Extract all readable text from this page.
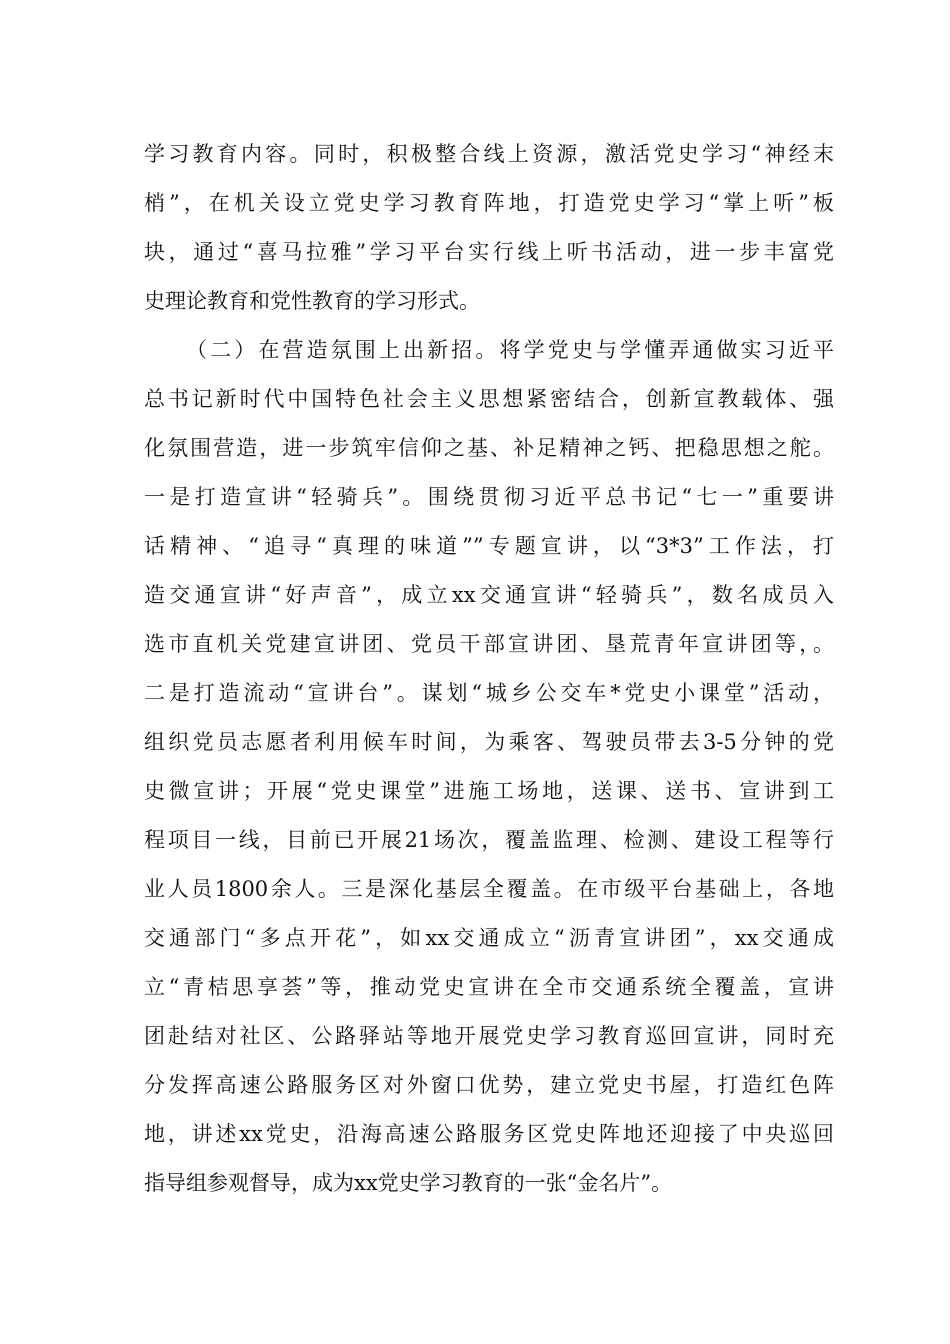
学习教育内容。同时，积极整合线上资源，激活党史学习“神经末
梢”，在机关设立党史学习教育阵地，打造党史学习“掌上听”板
块，通过“喜马拉雅”学习平台实行线上听书活动，进一步丰富党
史理论教育和党性教育的学习形式。
（二）在营造氛围上出新招。将学党史与学懂弄通做实习近平
总书记新时代中国特色社会主义思想紧密结合，创新宣教载体、强
化氛围营造，进一步筑牢信仰之基、补足精神之钙、把稳思想之舵。
一是打造宣讲“轻骑兵”。围绕贯彻习近平总书记“七一”重要讲
话精神、“追寻“真理的味道””专题宣讲，以“3*3”工作法，打
造交通宣讲“好声音”，成立xx交通宣讲“轻骑兵”，数名成员入
选市直机关党建宣讲团、党员干部宣讲团、垦荒青年宣讲团等，。
二是打造流动“宣讲台”。谋划“城乡公交车*党史小课堂”活动，
组织党员志愿者利用候车时间，为乘客、驾驶员带去3-5分钟的党
史微宣讲；开展“党史课堂”进施工场地，送课、送书、宣讲到工
程项目一线，目前已开展21场次，覆盖监理、检测、建设工程等行
业人员1800余人。三是深化基层全覆盖。在市级平台基础上，各地
交通部门“多点开花”，如xx交通成立“沥青宣讲团”，xx交通成
立“青桔思享荟”等，推动党史宣讲在全市交通系统全覆盖，宣讲
团赴结对社区、公路驿站等地开展党史学习教育巡回宣讲，同时充
分发挥高速公路服务区对外窗口优势，建立党史书屋，打造红色阵
地，讲述xx党史，沿海高速公路服务区党史阵地还迎接了中央巡回
指导组参观督导，成为xx党史学习教育的一张“金名片”。
